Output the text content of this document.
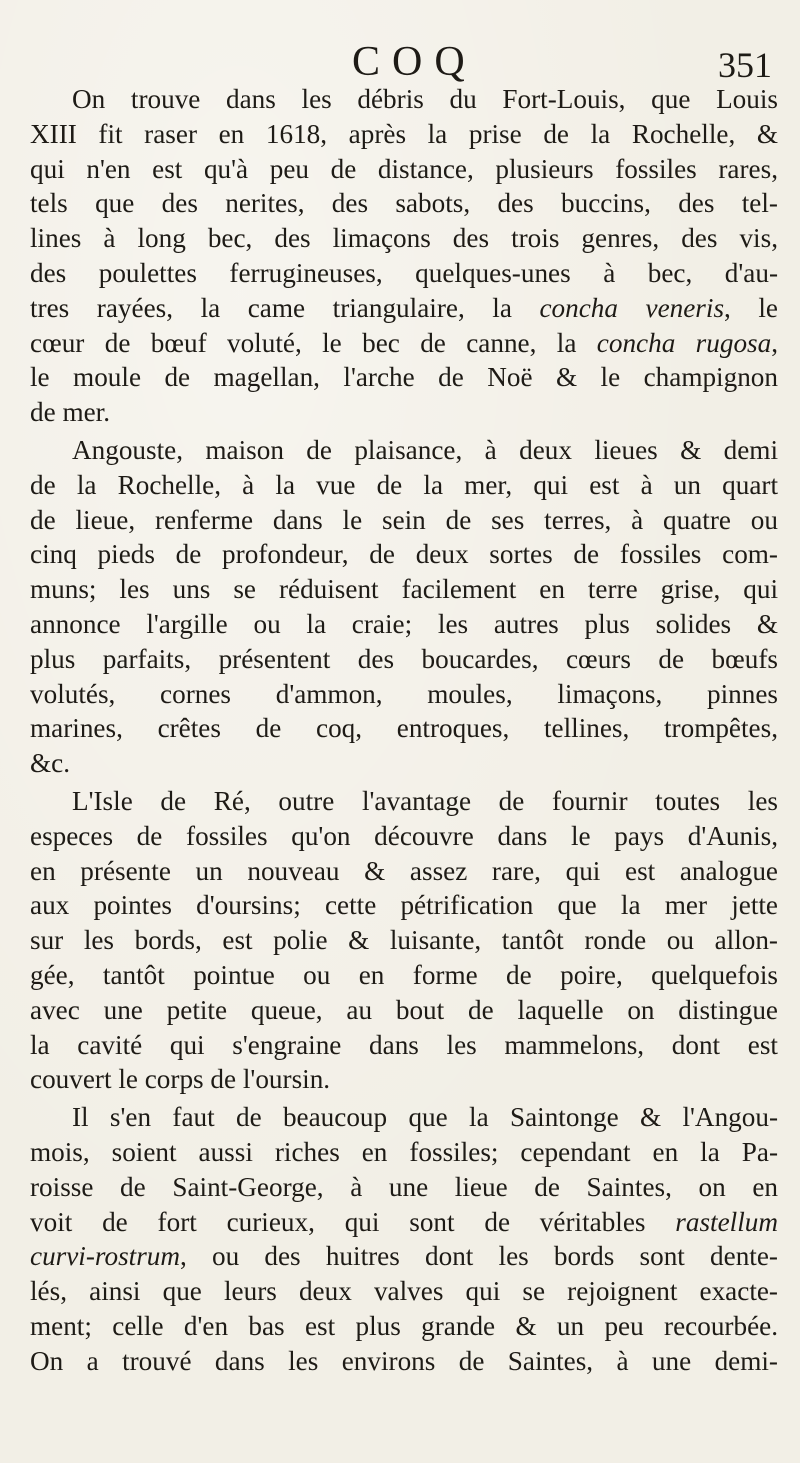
COQ	351
On trouve dans les débris du Fort-Louis, que Louis
XIII fit raser en 1618, après la prise de la Rochelle, &
qui n'en est qu'à peu de distance, plusieurs fossiles rares,
tels que des nerites, des sabots, des buccins, des tel-
lines à long bec, des limaçons des trois genres, des vis,
des poulettes ferrugineuses, quelques-unes à bec, d'au-
tres rayées, la came triangulaire, la concha veneris, le
cœur de bœuf voluté, le bec de canne, la concha rugosa,
le moule de magellan, l'arche de Noë & le champignon
de mer.
Angouste, maison de plaisance, à deux lieues & demi
de la Rochelle, à la vue de la mer, qui est à un quart
de lieue, renferme dans le sein de ses terres, à quatre ou
cinq pieds de profondeur, de deux sortes de fossiles com-
muns; les uns se réduisent facilement en terre grise, qui
annonce l'argille ou la craie; les autres plus solides &
plus parfaits, présentent des boucardes, cœurs de bœufs
volutés, cornes d'ammon, moules, limaçons, pinnes
marines, crêtes de coq, entroques, tellines, trompêtes,
&c.
L'Isle de Ré, outre l'avantage de fournir toutes les
especes de fossiles qu'on découvre dans le pays d'Aunis,
en présente un nouveau & assez rare, qui est analogue
aux pointes d'oursins; cette pétrification que la mer jette
sur les bords, est polie & luisante, tantôt ronde ou allon-
gée, tantôt pointue ou en forme de poire, quelquefois
avec une petite queue, au bout de laquelle on distingue
la cavité qui s'engraine dans les mammelons, dont est
couvert le corps de l'oursin.
Il s'en faut de beaucoup que la Saintonge & l'Angou-
mois, soient aussi riches en fossiles; cependant en la Pa-
roisse de Saint-George, à une lieue de Saintes, on en
voit de fort curieux, qui sont de véritables rastellum
curvi-rostrum, ou des huitres dont les bords sont dente-
lés, ainsi que leurs deux valves qui se rejoignent exacte-
ment; celle d'en bas est plus grande & un peu recourbée.
On a trouvé dans les environs de Saintes, à une demi-
